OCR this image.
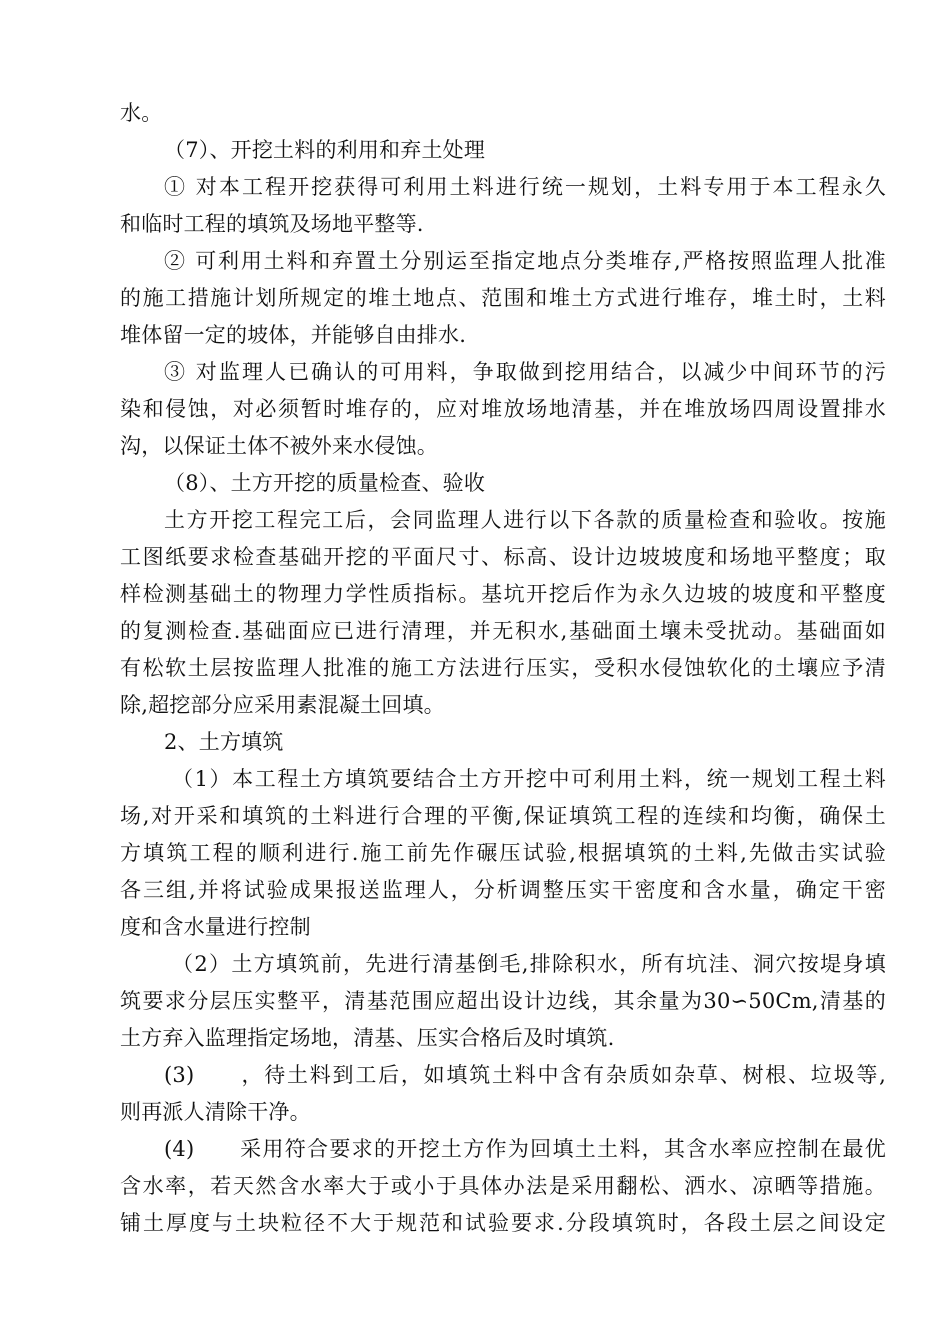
水。
（7）、开挖土料的利用和弃土处理
① 对本工程开挖获得可利用土料进行统一规划，土料专用于本工程永久
和临时工程的填筑及场地平整等.
② 可利用土料和弃置土分别运至指定地点分类堆存,严格按照监理人批准
的施工措施计划所规定的堆土地点、范围和堆土方式进行堆存，堆土时，土料
堆体留一定的坡体，并能够自由排水.
③ 对监理人已确认的可用料，争取做到挖用结合，以减少中间环节的污
染和侵蚀，对必须暂时堆存的，应对堆放场地清基，并在堆放场四周设置排水
沟，以保证土体不被外来水侵蚀。
（8）、土方开挖的质量检查、验收
土方开挖工程完工后，会同监理人进行以下各款的质量检查和验收。按施
工图纸要求检查基础开挖的平面尺寸、标高、设计边坡坡度和场地平整度；取
样检测基础土的物理力学性质指标。基坑开挖后作为永久边坡的坡度和平整度
的复测检查.基础面应已进行清理，并无积水,基础面土壤未受扰动。基础面如
有松软土层按监理人批准的施工方法进行压实，受积水侵蚀软化的土壤应予清
除,超挖部分应采用素混凝土回填。
2、土方填筑
（1）本工程土方填筑要结合土方开挖中可利用土料，统一规划工程土料
场,对开采和填筑的土料进行合理的平衡,保证填筑工程的连续和均衡，确保土
方填筑工程的顺利进行.施工前先作碾压试验,根据填筑的土料,先做击实试验
各三组,并将试验成果报送监理人，分析调整压实干密度和含水量，确定干密
度和含水量进行控制
（2）土方填筑前，先进行清基倒毛,排除积水，所有坑洼、洞穴按堤身填
筑要求分层压实整平，清基范围应超出设计边线，其余量为30∽50Cm,清基的
土方弃入监理指定场地，清基、压实合格后及时填筑.
(3)　　，待土料到工后，如填筑土料中含有杂质如杂草、树根、垃圾等,
则再派人清除干净。
(4)　　采用符合要求的开挖土方作为回填土土料，其含水率应控制在最优
含水率，若天然含水率大于或小于具体办法是采用翻松、洒水、凉晒等措施。
铺土厚度与土块粒径不大于规范和试验要求.分段填筑时，各段土层之间设定
